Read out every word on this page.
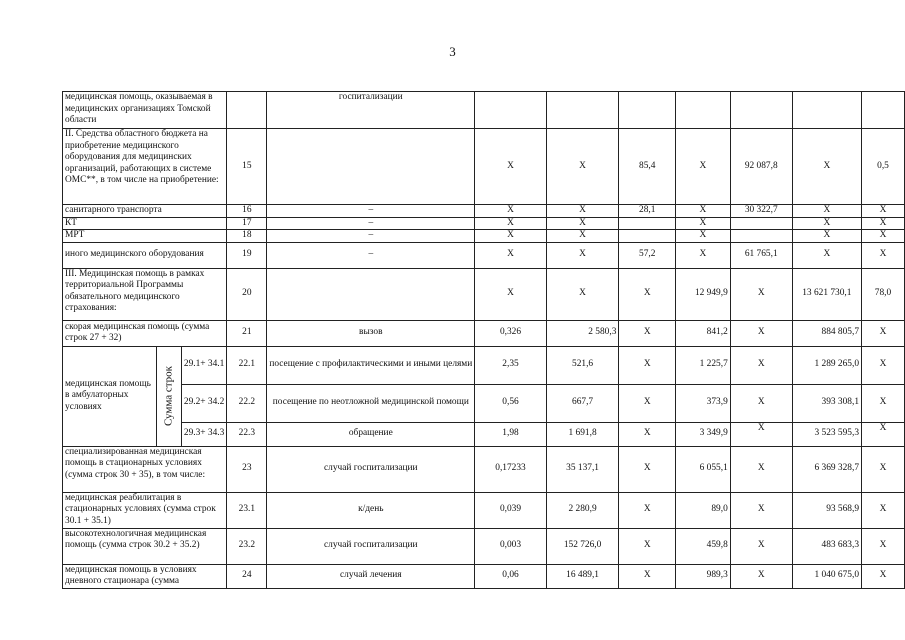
3
медицинская помощь, оказываемая в медицинских организациях Томской области				госпитализации							
II. Средства областного бюджета на приобретение медицинского оборудования для медицинских организаций, работающих в системе ОМС**, в том числе на приобретение:			15		X	X	85,4	X	92 087,8	X	0,5
санитарного транспорта			16	–	X	X	28,1	X	30 322,7	X	X
КТ			17	–	X	X		X		X	X
МРТ			18	–	X	X		X		X	X
иного медицинского оборудования			19	–	X	X	57,2	X	61 765,1	X	X
III. Медицинская помощь в рамках территориальной Программы обязательного медицинского страхования:			20		X	X	X	12 949,9	X	13 621 730,1	78,0
скорая медицинская помощь (сумма строк 27 + 32)			21	вызов	0,326	2 580,3	X	841,2	X	884 805,7	X
медицинская помощь в амбулаторных условиях	Сумма строк	29.1+ 34.1	22.1	посещение с профилактическими и иными целями	2,35	521,6	X	1 225,7	X	1 289 265,0	X
		29.2+ 34.2	22.2	посещение по неотложной медицинской помощи	0,56	667,7	X	373,9	X	393 308,1	X
		29.3+ 34.3	22.3	обращение	1,98	1 691,8	X	3 349,9	X	3 523 595,3	X
специализированная медицинская помощь в стационарных условиях (сумма строк 30 + 35), в том числе:			23	случай госпитализации	0,17233	35 137,1	X	6 055,1	X	6 369 328,7	X
медицинская реабилитация в стационарных условиях (сумма строк 30.1 + 35.1)			23.1	к/день	0,039	2 280,9	X	89,0	X	93 568,9	X
высокотехнологичная медицинская помощь (сумма строк 30.2 + 35.2)			23.2	случай госпитализации	0,003	152 726,0	X	459,8	X	483 683,3	X
медицинская помощь в условиях дневного стационара (сумма			24	случай лечения	0,06	16 489,1	X	989,3	X	1 040 675,0	X
